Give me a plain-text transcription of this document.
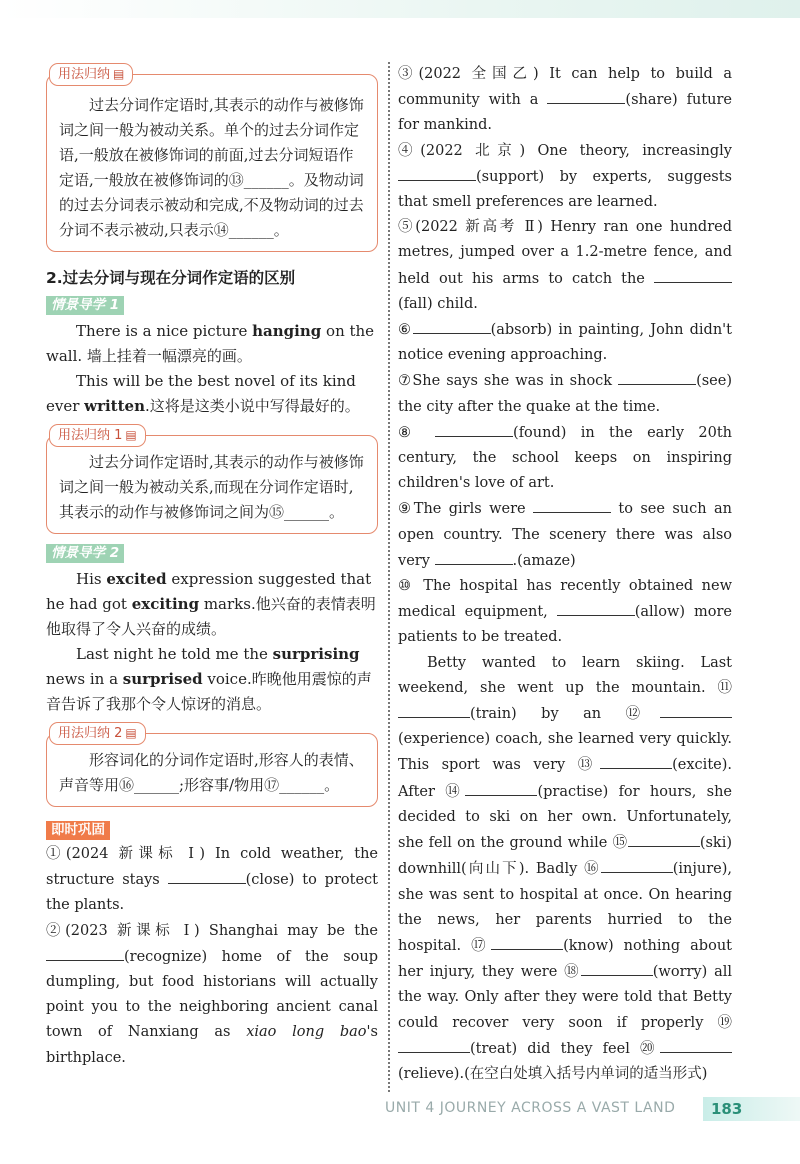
用法归纳 ▤

过去分词作定语时,其表示的动作与被修饰词之间一般为被动关系。单个的过去分词作定语,一般放在被修饰词的前面,过去分词短语作定语,一般放在被修饰词的⑬______。及物动词的过去分词表示被动和完成,不及物动词的过去分词不表示被动,只表示⑭______。

2.过去分词与现在分词作定语的区别
情景导学 1

There is a nice picture hanging on the wall. 墙上挂着一幅漂亮的画。

This will be the best novel of its kind ever written.这将是这类小说中写得最好的。

用法归纳 1 ▤

过去分词作定语时,其表示的动作与被修饰词之间一般为被动关系,而现在分词作定语时,其表示的动作与被修饰词之间为⑮______。

情景导学 2

His excited expression suggested that he had got exciting marks.他兴奋的表情表明他取得了令人兴奋的成绩。

Last night he told me the surprising news in a surprised voice.昨晚他用震惊的声音告诉了我那个令人惊讶的消息。

用法归纳 2 ▤

形容词化的分词作定语时,形容人的表情、声音等用⑯______;形容事/物用⑰______。

即时巩固

①(2024 新课标 Ⅰ) In cold weather, the structure stays	(close) to protect the plants.

②(2023 新课标 Ⅰ) Shanghai may be the (recognize) home of the soup dumpling, but food historians will actually point you to the neighboring ancient canal town of Nanxiang as xiao long bao's birthplace.

③(2022 全国乙) It can help to build a community with a	(share) future for mankind.

④(2022 北京) One theory, increasingly (support) by experts, suggests that smell preferences are learned.

⑤(2022 新高考 Ⅱ) Henry ran one hundred metres, jumped over a 1.2-metre fence, and held out his arms to catch the (fall) child.

⑥	(absorb) in painting, John didn't notice evening approaching.

⑦She says she was in shock	(see) the city after the quake at the time.

⑧	(found) in the early 20th century, the school keeps on inspiring children's love of art.

⑨The girls were	to see such an open country. The scenery there was also very	.(amaze)

⑩ The hospital has recently obtained new medical equipment,	(allow) more patients to be treated.

Betty wanted to learn skiing. Last weekend, she went up the mountain. ⑪(train) by an ⑫(experience) coach, she learned very quickly. This sport was very ⑬	(excite). After ⑭	(practise) for hours, she decided to ski on her own. Unfortunately, she fell on the ground while ⑮	(ski) downhill(向山下). Badly ⑯	(injure), she was sent to hospital at once. On hearing the news, her parents hurried to the hospital. ⑰	(know) nothing about her injury, they were ⑱	(worry) all the way. Only after they were told that Betty could recover very soon if properly ⑲(treat) did they feel ⑳(relieve).(在空白处填入括号内单词的适当形式)

UNIT 4 JOURNEY ACROSS A VAST LAND	183
